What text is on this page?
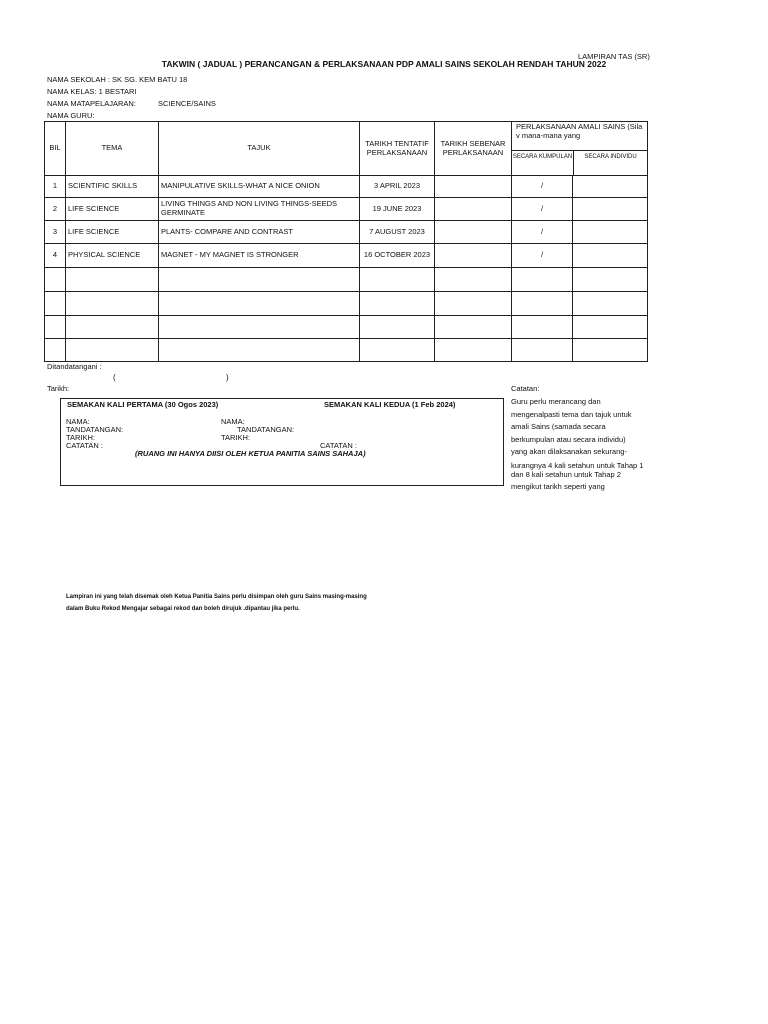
LAMPIRAN TAS (SR)
TAKWIN ( JADUAL ) PERANCANGAN & PERLAKSANAAN PDP AMALI SAINS SEKOLAH RENDAH TAHUN 2022
NAMA SEKOLAH : SK SG. KEM BATU 18
NAMA KELAS: 1 BESTARI
NAMA MATAPELAJARAN:	SCIENCE/SAINS
NAMA GURU:
BIL	TEMA	TAJUK	TARIKH TENTATIF PERLAKSANAAN	TARIKH SEBENAR PERLAKSANAAN	PERLAKSANAAN AMALI SAINS (Sila v mana-mana yang
SECARA KUMPULAN SECARA INDIVIDU	

1	SCIENTIFIC SKILLS	MANIPULATIVE SKILLS-WHAT A NICE ONION	3 APRIL 2023		/	
2	LIFE SCIENCE	LIVING THINGS AND NON LIVING THINGS-SEEDS GERMINATE	19 JUNE 2023		/	
3	LIFE SCIENCE	PLANTS- COMPARE AND CONTRAST	7 AUGUST 2023		/	
4	PHYSICAL SCIENCE	MAGNET - MY MAGNET IS STRONGER	16 OCTOBER 2023		/	

Ditandatangani :
(	)
Tarikh:	Catatan:
Guru perlu merancang dan
mengenalpasti tema dan tajuk untuk
amali Sains (samada secara
berkumpulan atau secara individu)
yang akan dilaksanakan sekurang-
kurangnya 4 kali setahun untuk Tahap 1
dan 8 kali setahun untuk Tahap 2
mengikut tarikh seperti yang
SEMAKAN KALI PERTAMA (30 Ogos 2023)	SEMAKAN KALI KEDUA (1 Feb 2024)
NAMA:
TANDATANGAN:
TARIKH:
CATATAN :
NAMA:
TANDATANGAN:
TARIKH:
CATATAN :
(RUANG INI HANYA DIISI OLEH KETUA PANITIA SAINS SAHAJA)
Lampiran ini yang telah disemak oleh Ketua Panitia Sains perlu disimpan oleh guru Sains masing-masing
dalam Buku Rekod Mengajar sebagai rekod dan boleh dirujuk .dipantau jika perlu.
